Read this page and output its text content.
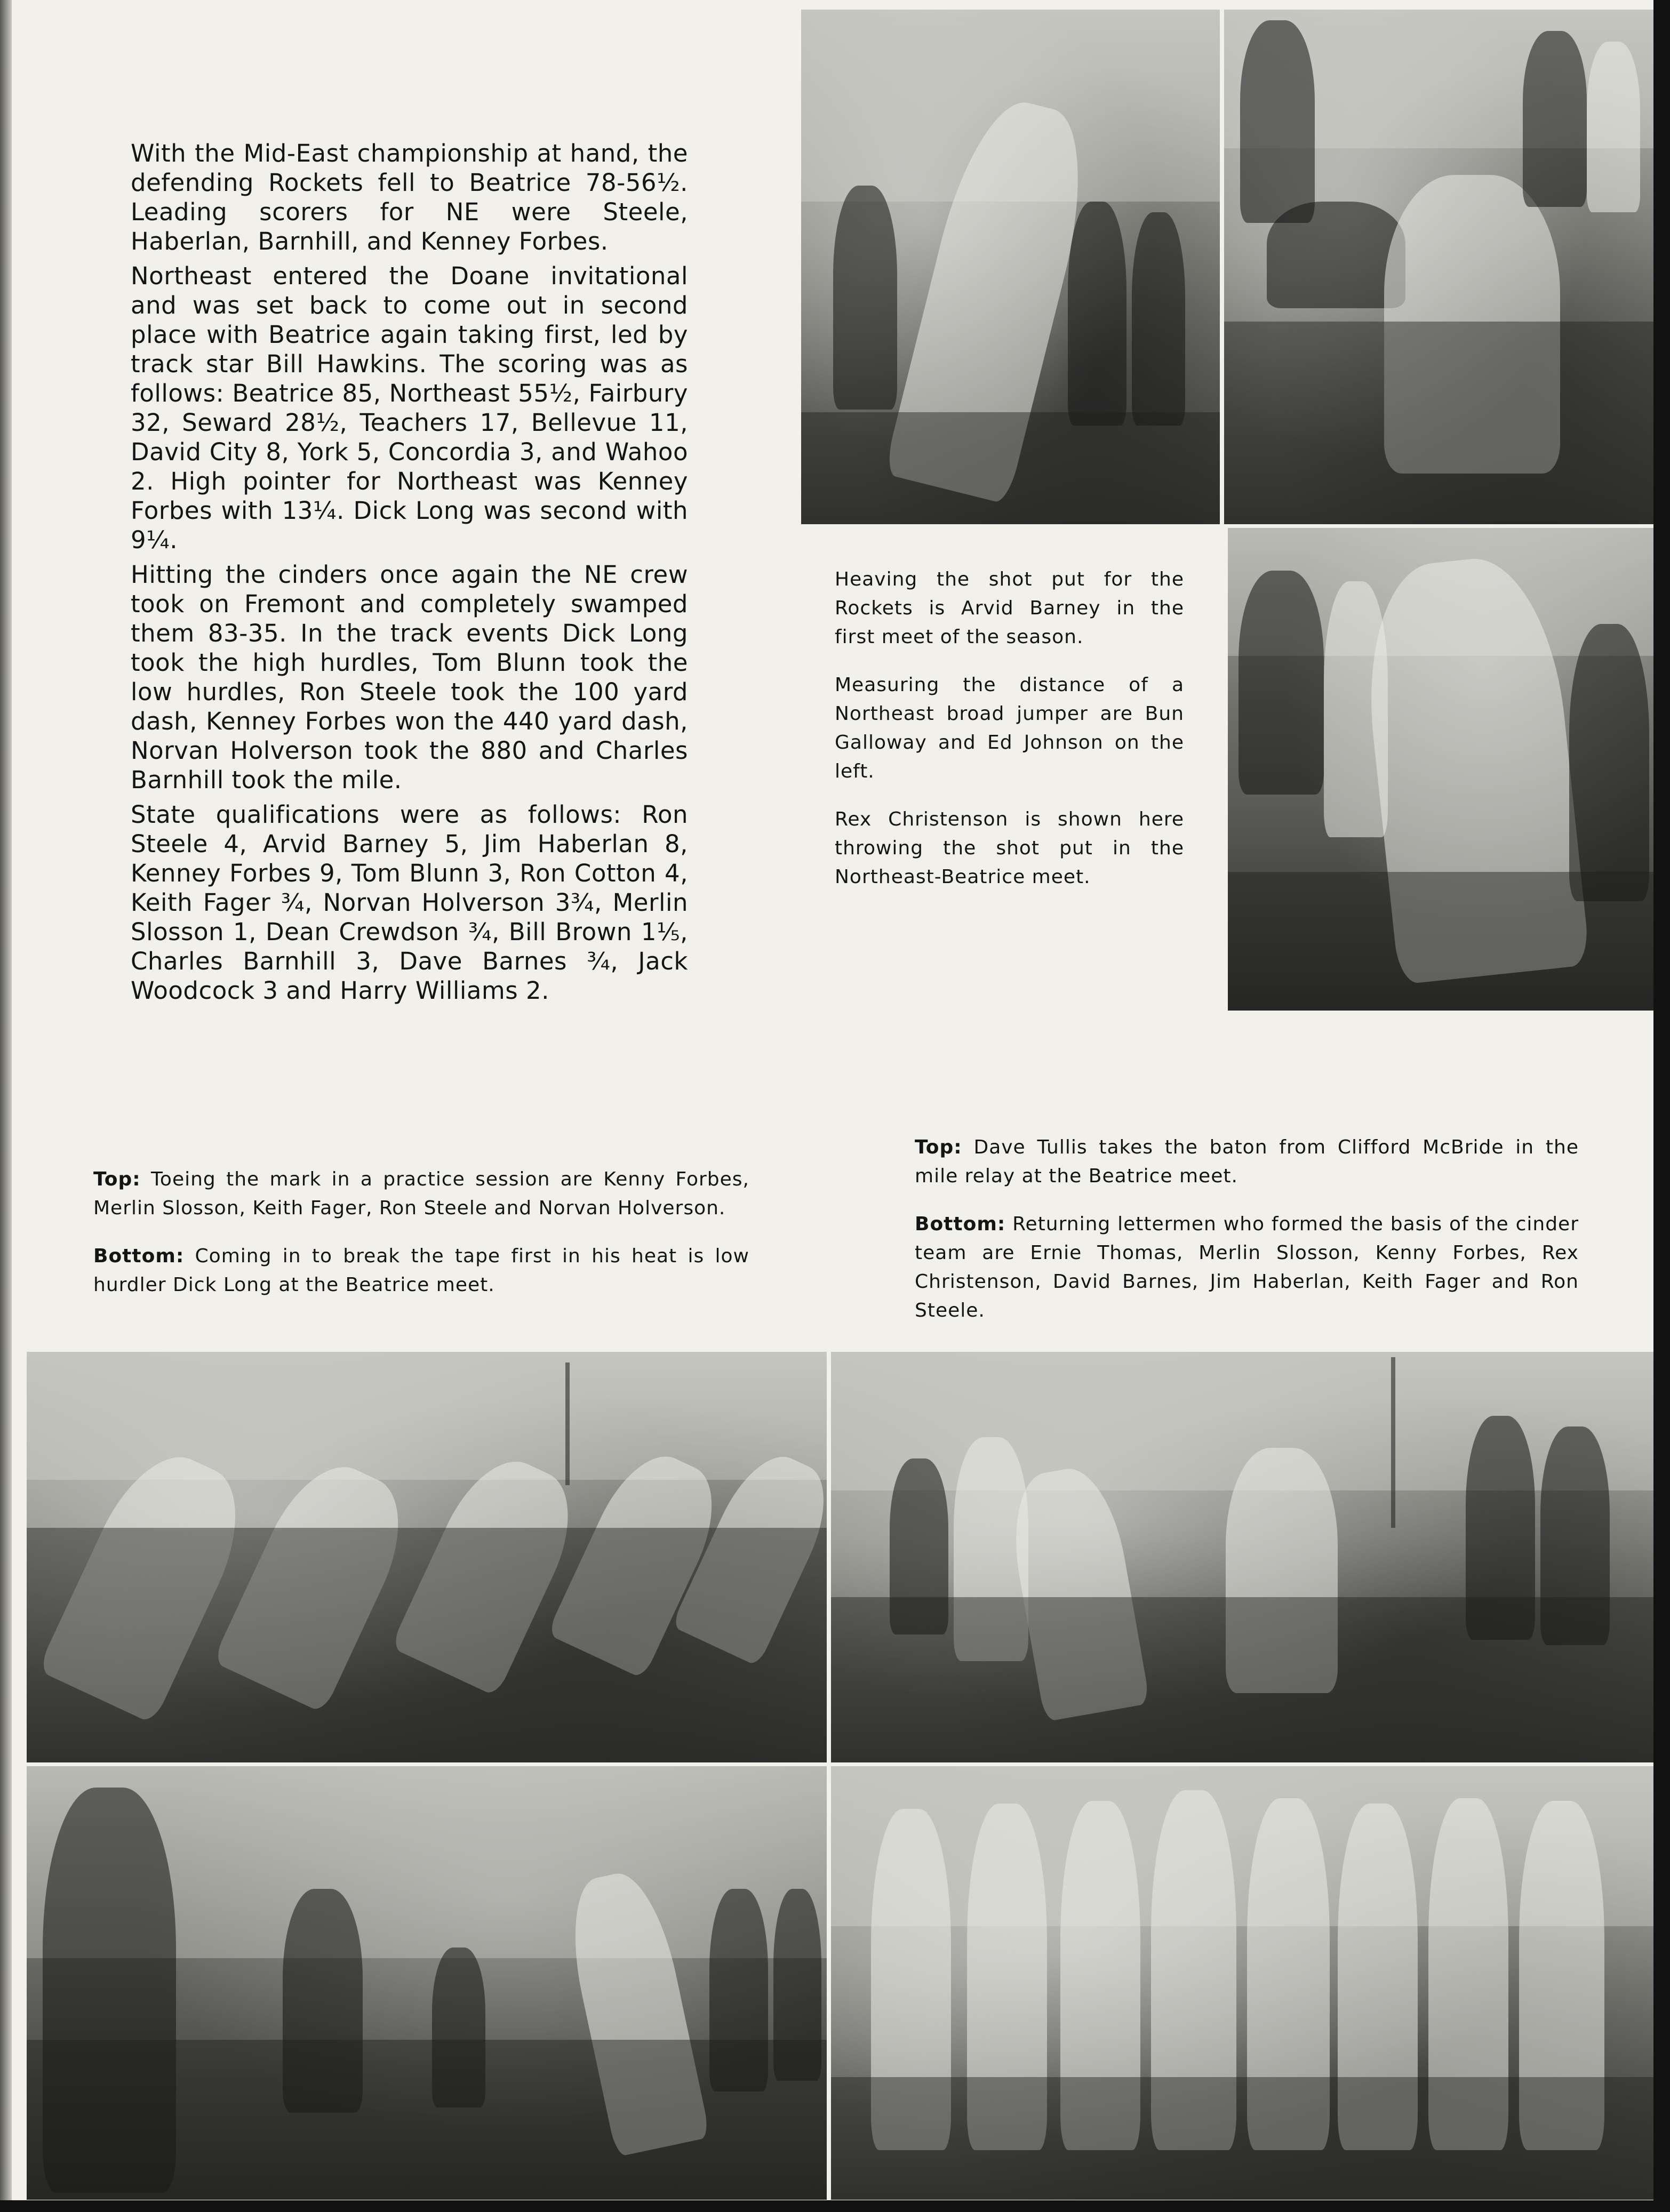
With the Mid-East championship at hand, the defending Rockets fell to Beatrice 78-56½. Leading scorers for NE were Steele, Haberlan, Barnhill, and Kenney Forbes.

Northeast entered the Doane invitational and was set back to come out in second place with Beatrice again taking first, led by track star Bill Hawkins. The scoring was as follows: Beatrice 85, Northeast 55½, Fairbury 32, Seward 28½, Teachers 17, Bellevue 11, David City 8, York 5, Concordia 3, and Wahoo 2. High pointer for Northeast was Kenney Forbes with 13¼. Dick Long was second with 9¼.

Hitting the cinders once again the NE crew took on Fremont and completely swamped them 83-35. In the track events Dick Long took the high hurdles, Tom Blunn took the low hurdles, Ron Steele took the 100 yard dash, Kenney Forbes won the 440 yard dash, Norvan Holverson took the 880 and Charles Barnhill took the mile.

State qualifications were as follows: Ron Steele 4, Arvid Barney 5, Jim Haberlan 8, Kenney Forbes 9, Tom Blunn 3, Ron Cotton 4, Keith Fager ¾, Norvan Holverson 3¾, Merlin Slosson 1, Dean Crewdson ¾, Bill Brown 1⅕, Charles Barnhill 3, Dave Barnes ¾, Jack Woodcock 3 and Harry Williams 2.

Heaving the shot put for the Rockets is Arvid Barney in the first meet of the season.

Measuring the distance of a Northeast broad jumper are Bun Galloway and Ed Johnson on the left.

Rex Christenson is shown here throwing the shot put in the Northeast-Beatrice meet.

Top: Toeing the mark in a practice session are Kenny Forbes, Merlin Slosson, Keith Fager, Ron Steele and Norvan Holverson.

Bottom: Coming in to break the tape first in his heat is low hurdler Dick Long at the Beatrice meet.

Top: Dave Tullis takes the baton from Clifford McBride in the mile relay at the Beatrice meet.

Bottom: Returning lettermen who formed the basis of the cinder team are Ernie Thomas, Merlin Slosson, Kenny Forbes, Rex Christenson, David Barnes, Jim Haberlan, Keith Fager and Ron Steele.
